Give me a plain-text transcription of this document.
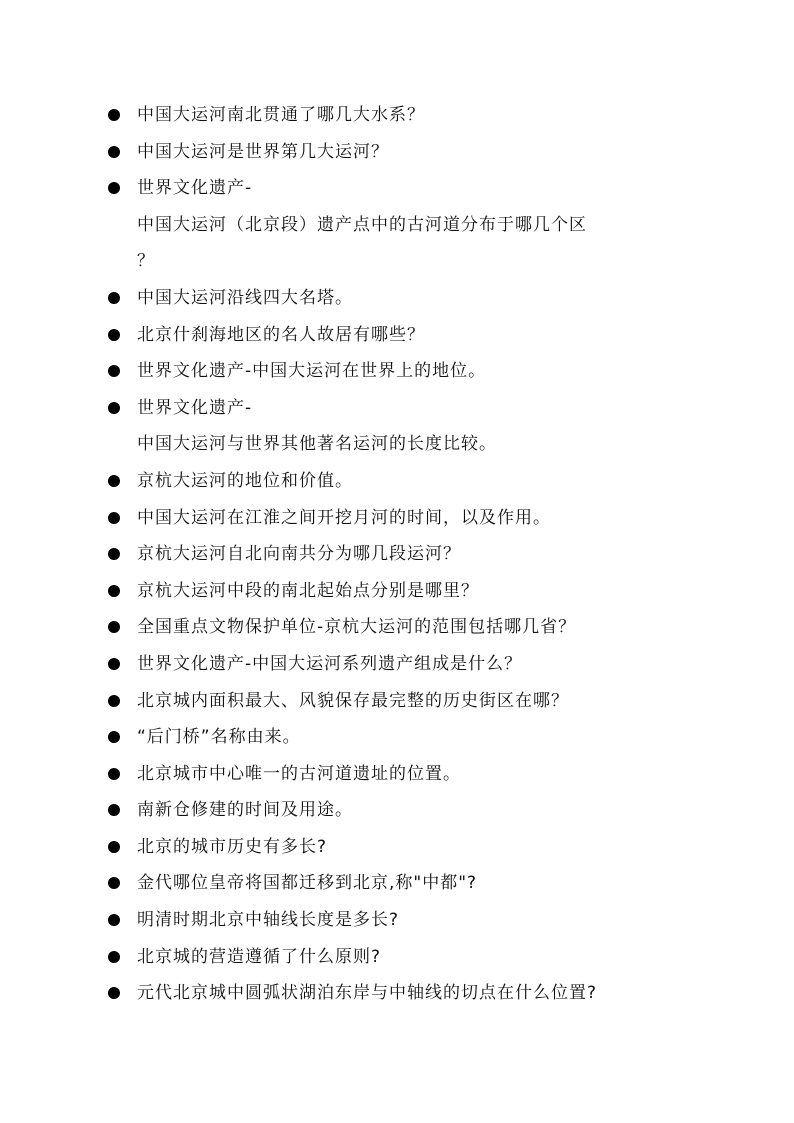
中国大运河南北贯通了哪几大水系？
中国大运河是世界第几大运河？
世界文化遗产-
中国大运河（北京段）遗产点中的古河道分布于哪几个区
？
中国大运河沿线四大名塔。
北京什刹海地区的名人故居有哪些？
世界文化遗产-中国大运河在世界上的地位。
世界文化遗产-
中国大运河与世界其他著名运河的长度比较。
京杭大运河的地位和价值。
中国大运河在江淮之间开挖月河的时间，以及作用。
京杭大运河自北向南共分为哪几段运河？
京杭大运河中段的南北起始点分别是哪里？
全国重点文物保护单位-京杭大运河的范围包括哪几省？
世界文化遗产-中国大运河系列遗产组成是什么？
北京城内面积最大、风貌保存最完整的历史街区在哪？
“后门桥”名称由来。
北京城市中心唯一的古河道遗址的位置。
南新仓修建的时间及用途。
北京的城市历史有多长?
金代哪位皇帝将国都迁移到北京,称"中都"?
明清时期北京中轴线长度是多长?
北京城的营造遵循了什么原则?
元代北京城中圆弧状湖泊东岸与中轴线的切点在什么位置?
